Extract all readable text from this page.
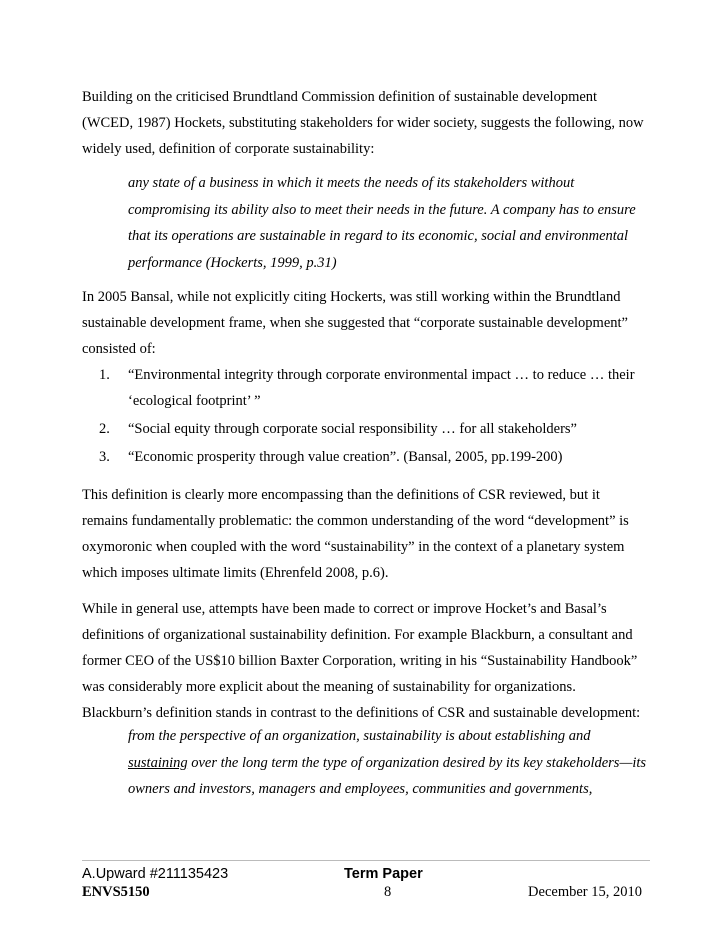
Building on the criticised Brundtland Commission definition of sustainable development
(WCED, 1987) Hockets, substituting stakeholders for wider society, suggests the following, now
widely used, definition of corporate sustainability:
any state of a business in which it meets the needs of its stakeholders without
compromising its ability also to meet their needs in the future. A company has to ensure
that its operations are sustainable in regard to its economic, social and environmental
performance (Hockerts, 1999, p.31)
In 2005 Bansal, while not explicitly citing Hockerts, was still working within the Brundtland
sustainable development frame, when she suggested that “corporate sustainable development”
consisted of:
1.	“Environmental integrity through corporate environmental impact … to reduce … their
‘ecological footprint’ ”
2.	“Social equity through corporate social responsibility … for all stakeholders”
3.	“Economic prosperity through value creation”. (Bansal, 2005, pp.199-200)
This definition is clearly more encompassing than the definitions of CSR reviewed, but it
remains fundamentally problematic: the common understanding of the word “development” is
oxymoronic when coupled with the word “sustainability” in the context of a planetary system
which imposes ultimate limits (Ehrenfeld 2008, p.6).
While in general use, attempts have been made to correct or improve Hocket’s and Basal’s
definitions of organizational sustainability definition. For example Blackburn, a consultant and
former CEO of the US$10 billion Baxter Corporation, writing in his “Sustainability Handbook”
was considerably more explicit about the meaning of sustainability for organizations.
Blackburn’s definition stands in contrast to the definitions of CSR and sustainable development:
from the perspective of an organization, sustainability is about establishing and
sustaining over the long term the type of organization desired by its key stakeholders—its
owners and investors, managers and employees, communities and governments,
A.Upward #211135423	Term Paper
ENVS5150	8	December 15, 2010
